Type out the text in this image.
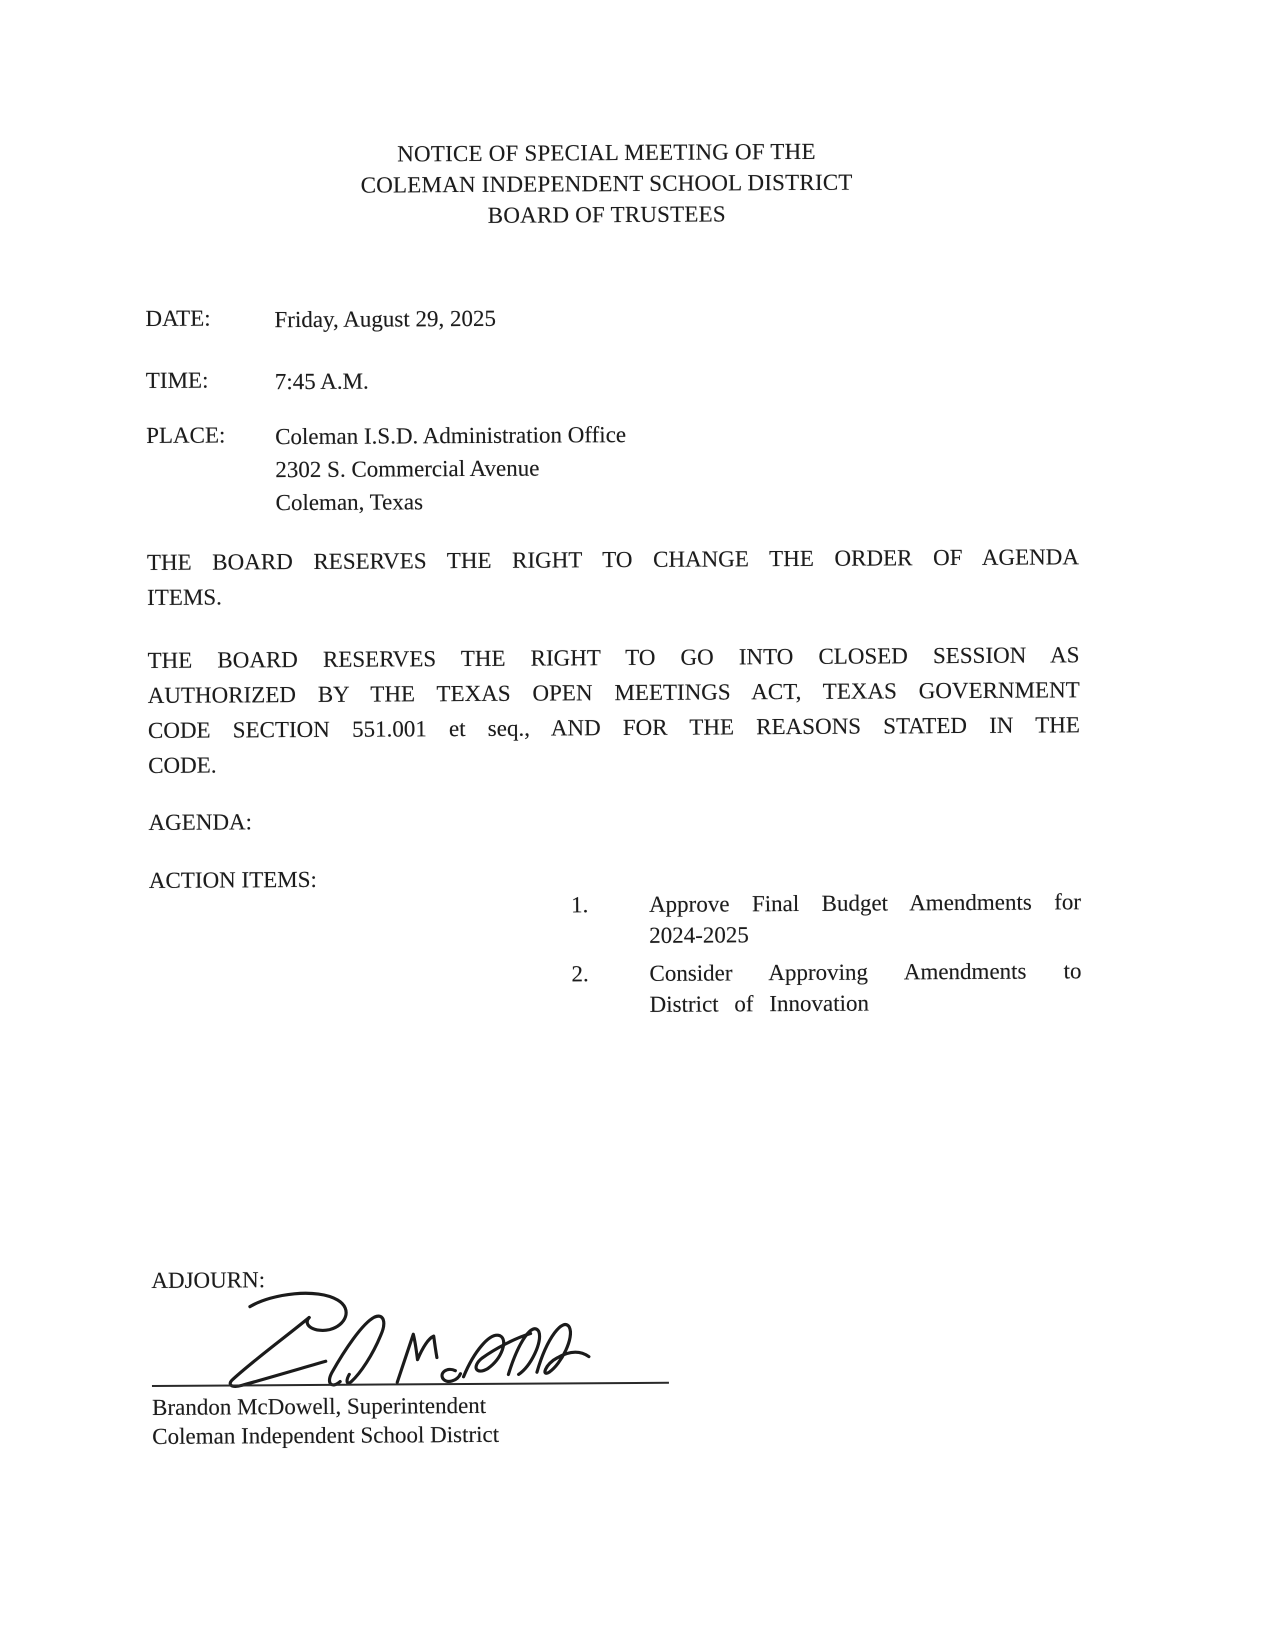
NOTICE OF SPECIAL MEETING OF THE
COLEMAN INDEPENDENT SCHOOL DISTRICT
BOARD OF TRUSTEES
DATE:	Friday, August 29, 2025
TIME:	7:45 A.M.
PLACE:	Coleman I.S.D. Administration Office
2302 S. Commercial Avenue
Coleman, Texas
THE BOARD RESERVES THE RIGHT TO CHANGE THE ORDER OF AGENDA ITEMS.
THE BOARD RESERVES THE RIGHT TO GO INTO CLOSED SESSION AS AUTHORIZED BY THE TEXAS OPEN MEETINGS ACT, TEXAS GOVERNMENT CODE SECTION 551.001 et seq., AND FOR THE REASONS STATED IN THE CODE.
AGENDA:
ACTION ITEMS:
1.	Approve Final Budget Amendments for 2024-2025
2.	Consider Approving Amendments to District of Innovation
ADJOURN:
Brandon McDowell, Superintendent
Coleman Independent School District
